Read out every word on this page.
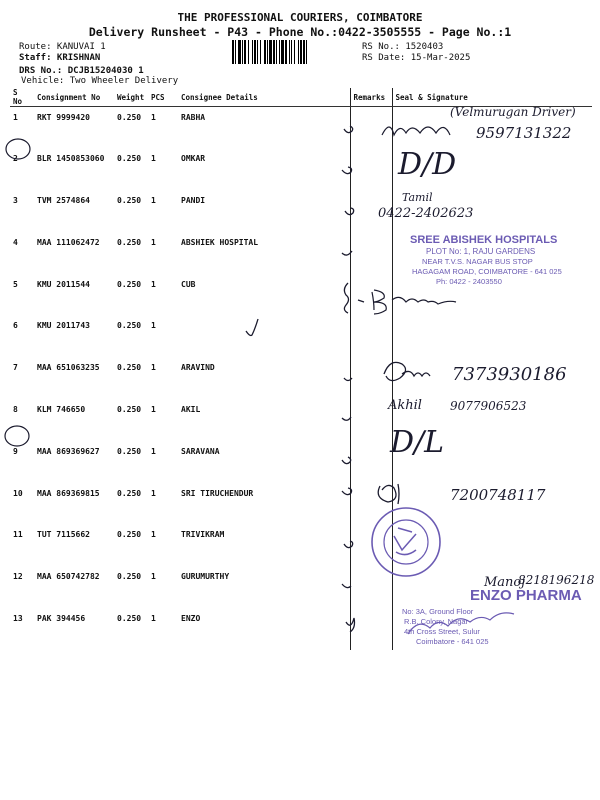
THE PROFESSIONAL COURIERS, COIMBATORE
Delivery Runsheet - P43 - Phone No.:0422-3505555 - Page No.:1
Route: KANUVAI 1
Staff: KRISHNAN
DRS No.: DCJB15204030 1
Vehicle: Two Wheeler Delivery
RS No.: 1520403
RS Date: 15-Mar-2025
S No	Consignment No	Weight	PCS	Consignee Details	Remarks	Seal & Signature
1	RKT 9999420	0.250	1	RABHA		
2	BLR 1450853060	0.250	1	OMKAR		
3	TVM 2574864	0.250	1	PANDI		
4	MAA 111062472	0.250	1	ABSHIEK HOSPITAL		
5	KMU 2011544	0.250	1	CUB		
6	KMU 2011743	0.250	1			
7	MAA 651063235	0.250	1	ARAVIND		
8	KLM 746650	0.250	1	AKIL		
9	MAA 869369627	0.250	1	SARAVANA		
10	MAA 869369815	0.250	1	SRI TIRUCHENDUR		
11	TUT 7115662	0.250	1	TRIVIKRAM		
12	MAA 650742782	0.250	1	GURUMURTHY		
13	PAK 394456	0.250	1	ENZO		
(Velmurugan Driver)
9597131322
D/D
Tamil
0422-2402623
SREE ABISHEK HOSPITALS
PLOT No: 1, RAJU GARDENS
NEAR T.V.S. NAGAR BUS STOP
HAGAGAM ROAD, COIMBATORE - 641 025
Ph: 0422 - 2403550
7373930186
Akhil 9077906523
D/L
7200748117
Manoj
8218196218
ENZO PHARMA
No: 3A, Ground Floor
R.B. Colony, Nagar
4th Cross Street, Sulur
Coimbatore - 641 025
